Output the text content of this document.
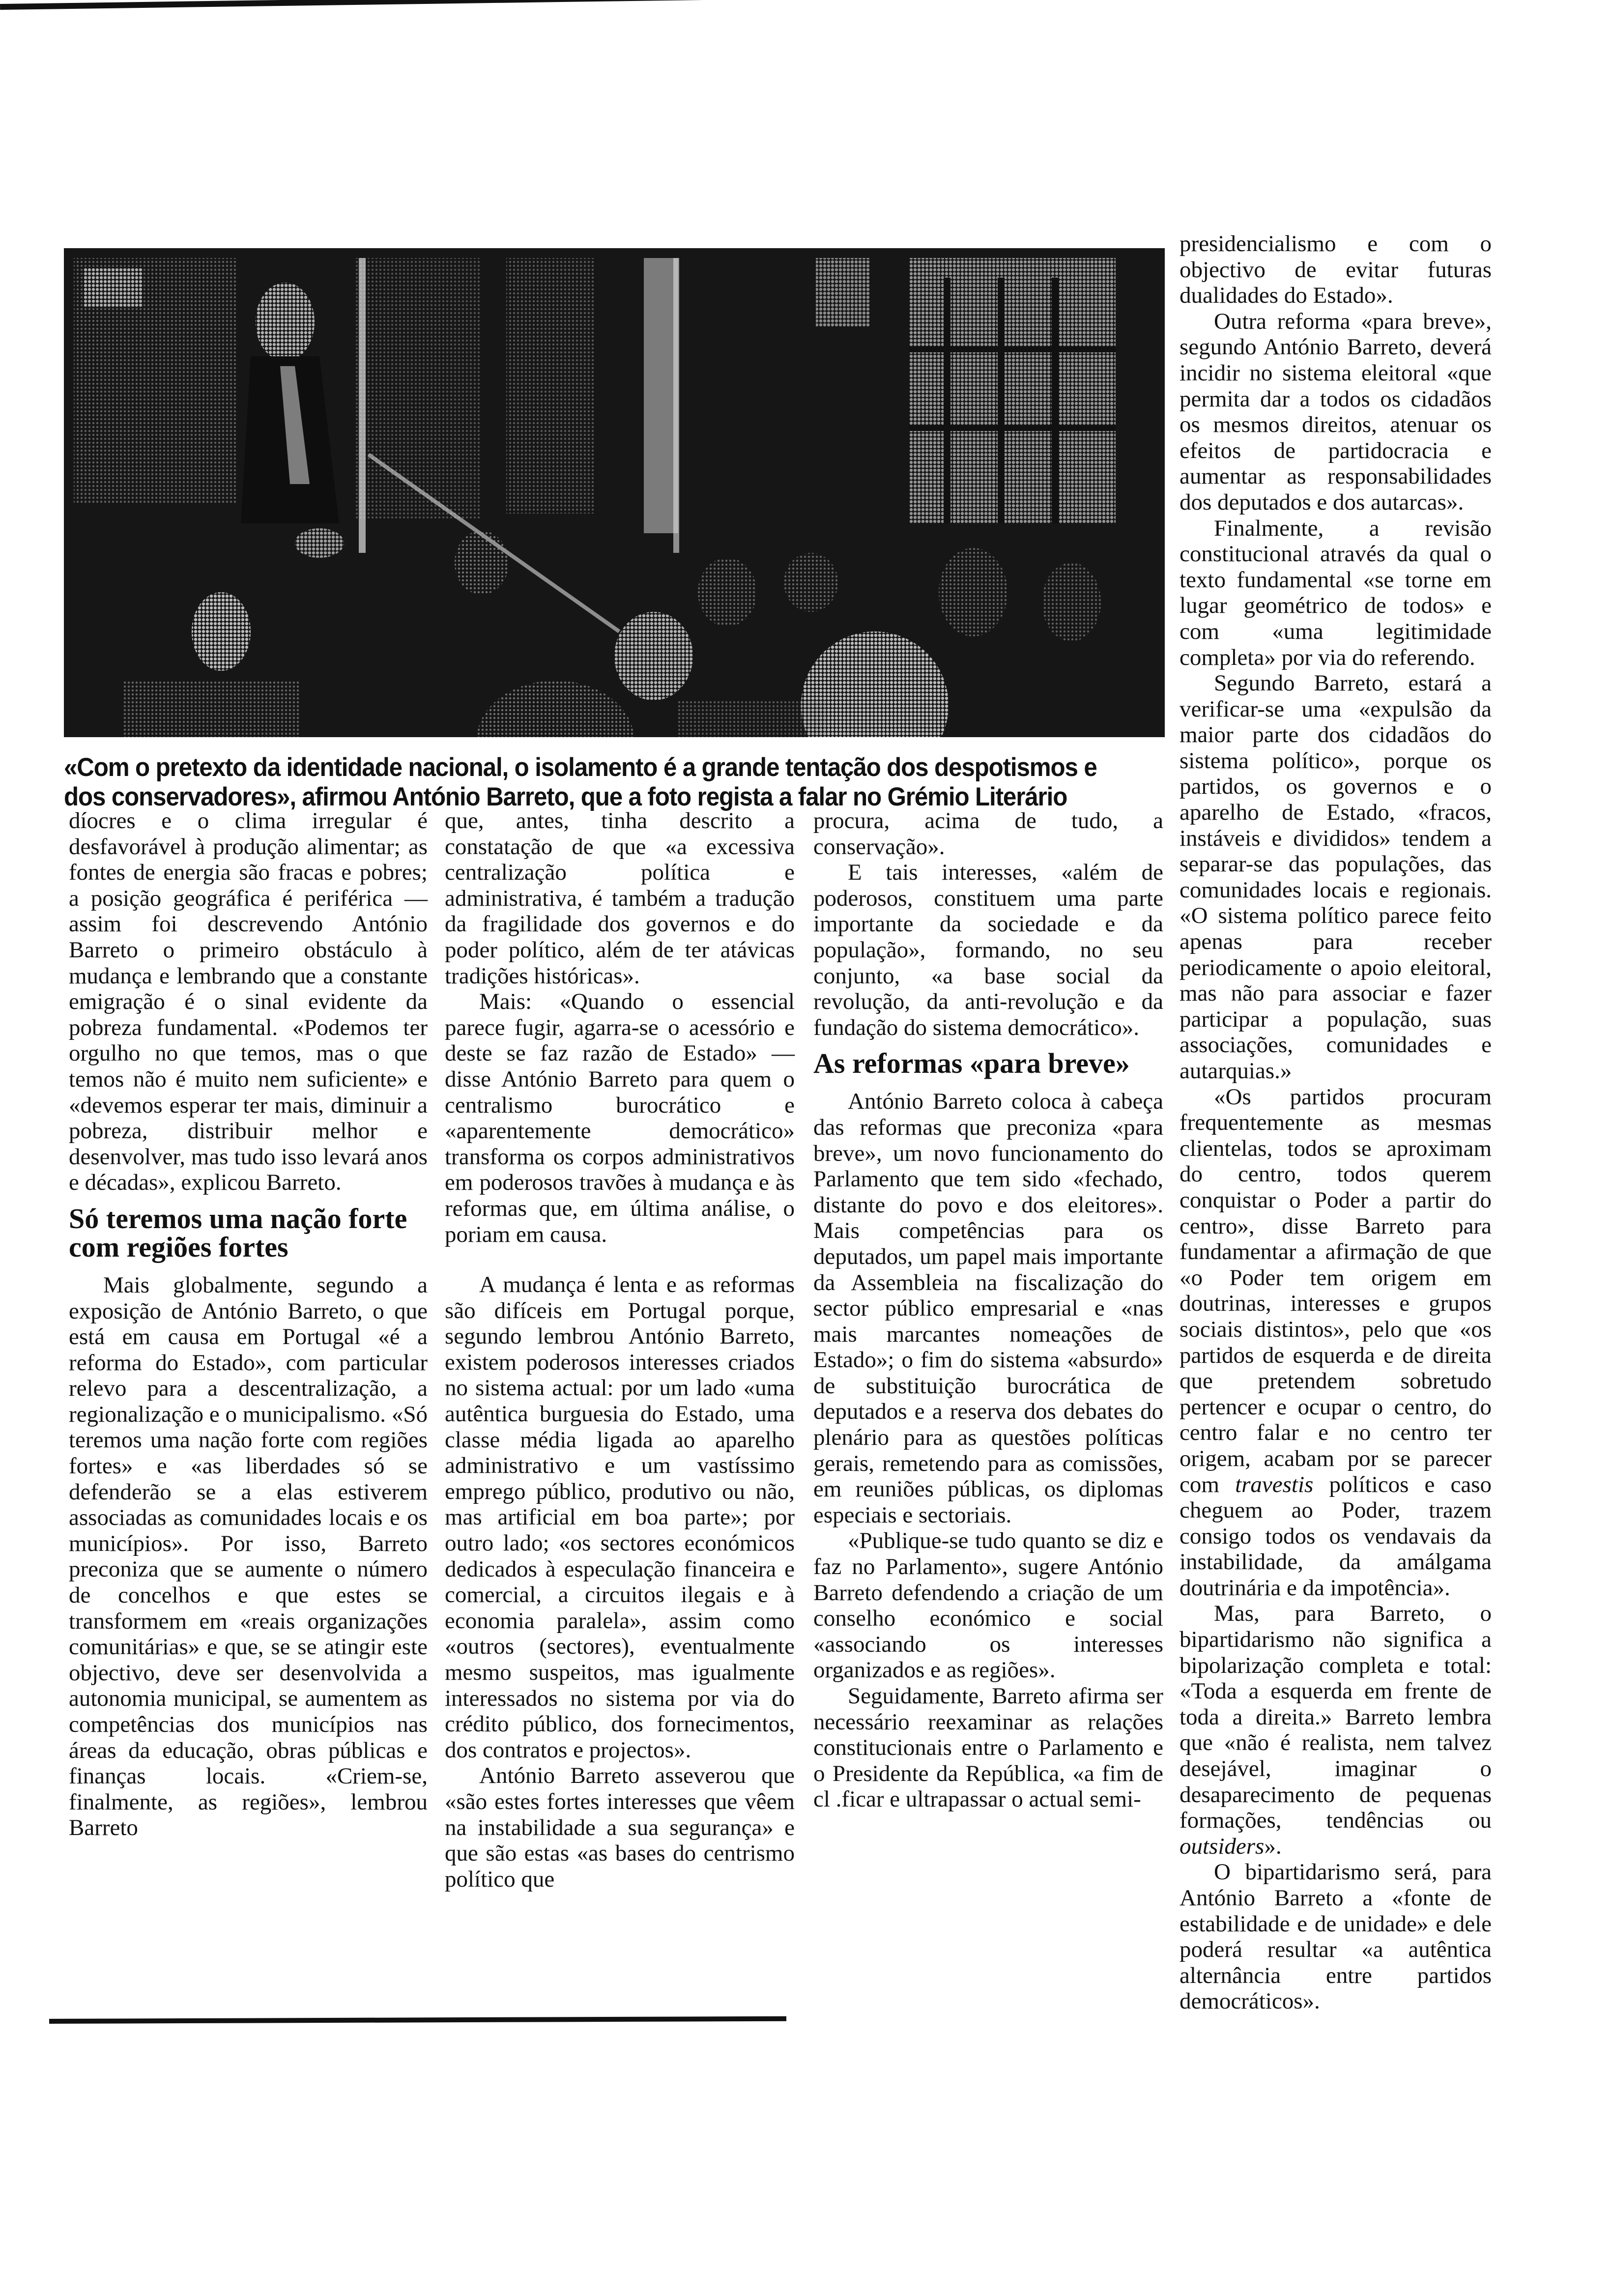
«Com o pretexto da identidade nacional, o isolamento é a grande tentação dos despotismos e
dos conservadores», afirmou António Barreto, que a foto regista a falar no Grémio Literário

díocres e o clima irregular é desfavorável à produção alimentar; as fontes de energia são fracas e pobres; a posição geográfica é periférica — assim foi descrevendo António Barreto o primeiro obstáculo à mudança e lembrando que a constante emigração é o sinal evidente da pobreza fundamental. «Podemos ter orgulho no que temos, mas o que temos não é muito nem suficiente» e «devemos esperar ter mais, diminuir a pobreza, distribuir melhor e desenvolver, mas tudo isso levará anos e décadas», explicou Barreto.

Só teremos uma nação forte com regiões fortes

Mais globalmente, segundo a exposição de António Barreto, o que está em causa em Portugal «é a reforma do Estado», com particular relevo para a descentralização, a regionalização e o municipalismo. «Só teremos uma nação forte com regiões fortes» e «as liberdades só se defenderão se a elas estiverem associadas as comunidades locais e os municípios». Por isso, Barreto preconiza que se aumente o número de concelhos e que estes se transformem em «reais organizações comunitárias» e que, se se atingir este objectivo, deve ser desenvolvida a autonomia municipal, se aumentem as competências dos municípios nas áreas da educação, obras públicas e finanças locais. «Criem-se, finalmente, as regiões», lembrou Barreto

que, antes, tinha descrito a constatação de que «a excessiva centralização política e administrativa, é também a tradução da fragilidade dos governos e do poder político, além de ter atávicas tradições históricas».

Mais: «Quando o essencial parece fugir, agarra-se o acessório e deste se faz razão de Estado» — disse António Barreto para quem o centralismo burocrático e «aparentemente democrático» transforma os corpos administrativos em poderosos travões à mudança e às reformas que, em última análise, o poriam em causa.

A mudança é lenta e as reformas são difíceis em Portugal porque, segundo lembrou António Barreto, existem poderosos interesses criados no sistema actual: por um lado «uma autêntica burguesia do Estado, uma classe média ligada ao aparelho administrativo e um vastíssimo emprego público, produtivo ou não, mas artificial em boa parte»; por outro lado; «os sectores económicos dedicados à especulação financeira e comercial, a circuitos ilegais e à economia paralela», assim como «outros (sectores), eventualmente mesmo suspeitos, mas igualmente interessados no sistema por via do crédito público, dos fornecimentos, dos contratos e projectos».

António Barreto asseverou que «são estes fortes interesses que vêem na instabilidade a sua segurança» e que são estas «as bases do centrismo político que

procura, acima de tudo, a conservação».

E tais interesses, «além de poderosos, constituem uma parte importante da sociedade e da população», formando, no seu conjunto, «a base social da revolução, da anti-revolução e da fundação do sistema democrático».

As reformas «para breve»

António Barreto coloca à cabeça das reformas que preconiza «para breve», um novo funcionamento do Parlamento que tem sido «fechado, distante do povo e dos eleitores». Mais competências para os deputados, um papel mais importante da Assembleia na fiscalização do sector público empresarial e «nas mais marcantes nomeações de Estado»; o fim do sistema «absurdo» de substituição burocrática de deputados e a reserva dos debates do plenário para as questões políticas gerais, remetendo para as comissões, em reuniões públicas, os diplomas especiais e sectoriais.

«Publique-se tudo quanto se diz e faz no Parlamento», sugere António Barreto defendendo a criação de um conselho económico e social «associando os interesses organizados e as regiões».

Seguidamente, Barreto afirma ser necessário reexaminar as relações constitucionais entre o Parlamento e o Presidente da República, «a fim de cl .ficar e ultrapassar o actual semi-

presidencialismo e com o objectivo de evitar futuras dualidades do Estado».

Outra reforma «para breve», segundo António Barreto, deverá incidir no sistema eleitoral «que permita dar a todos os cidadãos os mesmos direitos, atenuar os efeitos de partidocracia e aumentar as responsabilidades dos deputados e dos autarcas».

Finalmente, a revisão constitucional através da qual o texto fundamental «se torne em lugar geométrico de todos» e com «uma legitimidade completa» por via do referendo.

Segundo Barreto, estará a verificar-se uma «expulsão da maior parte dos cidadãos do sistema político», porque os partidos, os governos e o aparelho de Estado, «fracos, instáveis e divididos» tendem a separar-se das populações, das comunidades locais e regionais. «O sistema político parece feito apenas para receber periodicamente o apoio eleitoral, mas não para associar e fazer participar a população, suas associações, comunidades e autarquias.»

«Os partidos procuram frequentemente as mesmas clientelas, todos se aproximam do centro, todos querem conquistar o Poder a partir do centro», disse Barreto para fundamentar a afirmação de que «o Poder tem origem em doutrinas, interesses e grupos sociais distintos», pelo que «os partidos de esquerda e de direita que pretendem sobretudo pertencer e ocupar o centro, do centro falar e no centro ter origem, acabam por se parecer com travestis políticos e caso cheguem ao Poder, trazem consigo todos os vendavais da instabilidade, da amálgama doutrinária e da impotência».

Mas, para Barreto, o bipartidarismo não significa a bipolarização completa e total: «Toda a esquerda em frente de toda a direita.» Barreto lembra que «não é realista, nem talvez desejável, imaginar o desaparecimento de pequenas formações, tendências ou outsiders».

O bipartidarismo será, para António Barreto a «fonte de estabilidade e de unidade» e dele poderá resultar «a autêntica alternância entre partidos democráticos».
